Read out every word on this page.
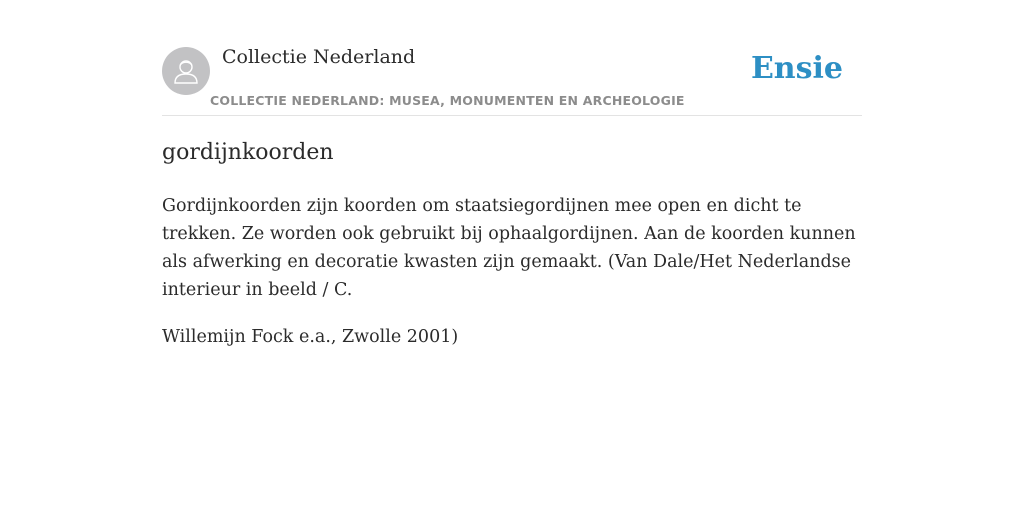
Collectie Nederland
COLLECTIE NEDERLAND: MUSEA, MONUMENTEN EN ARCHEOLOGIE
Ensie
gordijnkoorden

Gordijnkoorden zijn koorden om staatsiegordijnen mee open en dicht te trekken. Ze worden ook gebruikt bij ophaalgordijnen. Aan de koorden kunnen als afwerking en decoratie kwasten zijn gemaakt. (Van Dale/Het Nederlandse interieur in beeld / C.

Willemijn Fock e.a., Zwolle 2001)
